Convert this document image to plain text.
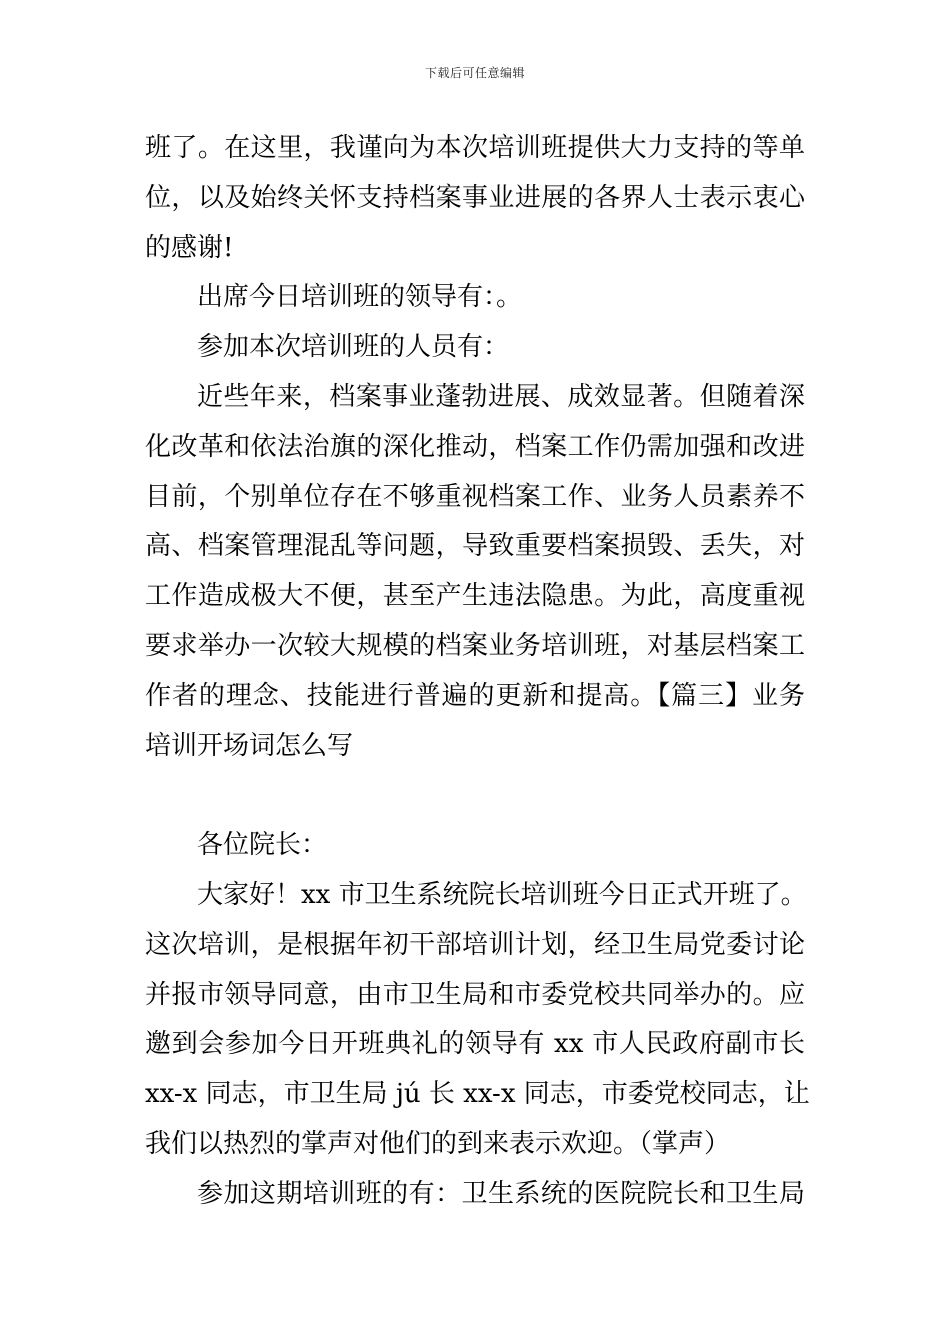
下载后可任意编辑
班了。在这里，我谨向为本次培训班提供大力支持的等单
位，以及始终关怀支持档案事业进展的各界人士表示衷心
的感谢!
出席今日培训班的领导有：。
参加本次培训班的人员有：
近些年来，档案事业蓬勃进展、成效显著。但随着深
化改革和依法治旗的深化推动，档案工作仍需加强和改进
目前，个别单位存在不够重视档案工作、业务人员素养不
高、档案管理混乱等问题，导致重要档案损毁、丢失，对
工作造成极大不便，甚至产生违法隐患。为此，高度重视
要求举办一次较大规模的档案业务培训班，对基层档案工
作者的理念、技能进行普遍的更新和提高。【篇三】业务
培训开场词怎么写
各位院长：
大家好！xx 市卫生系统院长培训班今日正式开班了。
这次培训，是根据年初干部培训计划，经卫生局党委讨论
并报市领导同意，由市卫生局和市委党校共同举办的。应
邀到会参加今日开班典礼的领导有 xx 市人民政府副市长
xx-x 同志，市卫生局 jú 长 xx-x 同志，市委党校同志，让
我们以热烈的掌声对他们的到来表示欢迎。（掌声）
参加这期培训班的有：卫生系统的医院院长和卫生局
